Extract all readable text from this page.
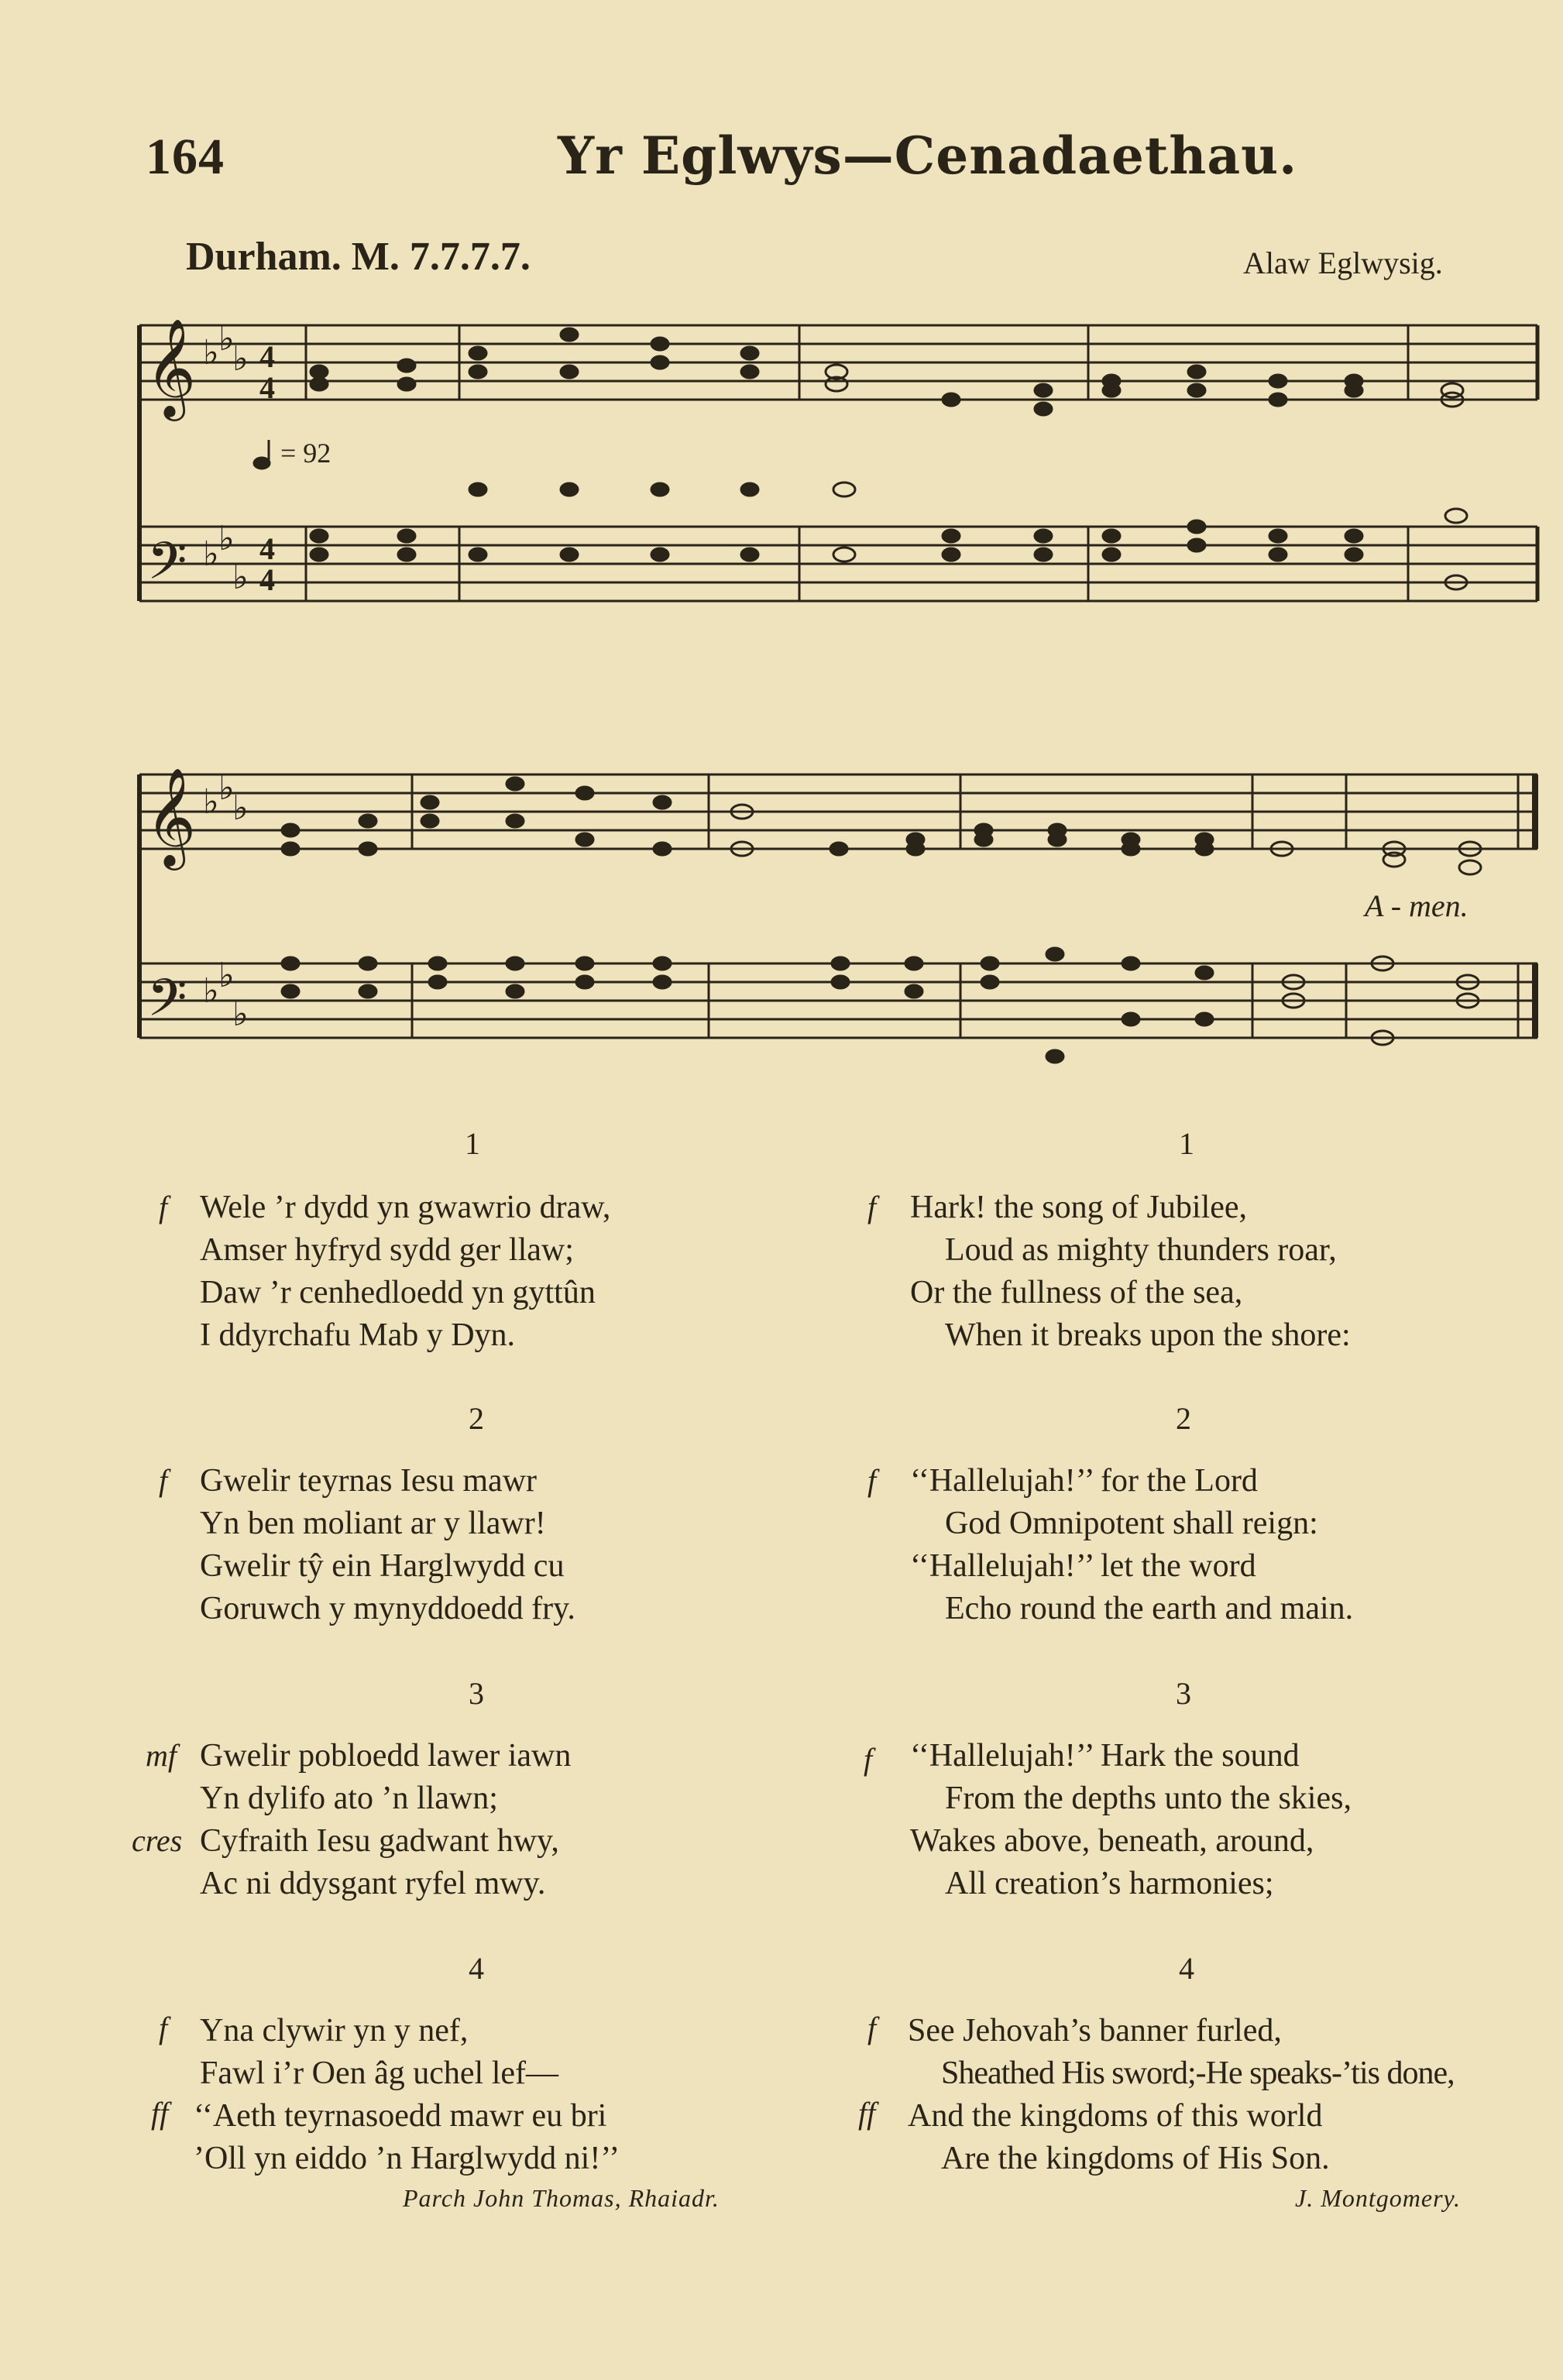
164	Yr Eglwys—Cenadaethau.
Durham. M. 7.7.7.7.	Alaw Eglwysig.
𝄞
𝄢
4
4
4
4
♭ ♭
♭
♭ ♭
♭
𝄞
𝄢
♭ ♭
♭
♭ ♭
♭
= 92
A - men.
1
f Wele ’r dydd yn gwawrio draw,
Amser hyfryd sydd ger llaw;
Daw ’r cenhedloedd yn gyttûn
I ddyrchafu Mab y Dyn.
2
f Gwelir teyrnas Iesu mawr
Yn ben moliant ar y llawr!
Gwelir tŷ ein Harglwydd cu
Goruwch y mynyddoedd fry.
3
mf
cres
Gwelir pobloedd lawer iawn
Yn dylifo ato ’n llawn;
Cyfraith Iesu gadwant hwy,
Ac ni ddysgant ryfel mwy.
4
f
ff
Yna clywir yn y nef,
Fawl i’r Oen âg uchel lef—
‘‘Aeth teyrnasoedd mawr eu bri
’Oll yn eiddo ’n Harglwydd ni!’’
Parch John Thomas, Rhaiadr.
1
f Hark! the song of Jubilee,
Loud as mighty thunders roar,
Or the fullness of the sea,
When it breaks upon the shore:
2
f ‘‘Hallelujah!’’ for the Lord
God Omnipotent shall reign:
‘‘Hallelujah!’’ let the word
Echo round the earth and main.
3
f ‘‘Hallelujah!’’ Hark the sound
From the depths unto the skies,
Wakes above, beneath, around,
All creation’s harmonies;
4
f
ff
See Jehovah’s banner furled,
Sheathed His sword;-He speaks-’tis done,
And the kingdoms of this world
Are the kingdoms of His Son.
J. Montgomery.
